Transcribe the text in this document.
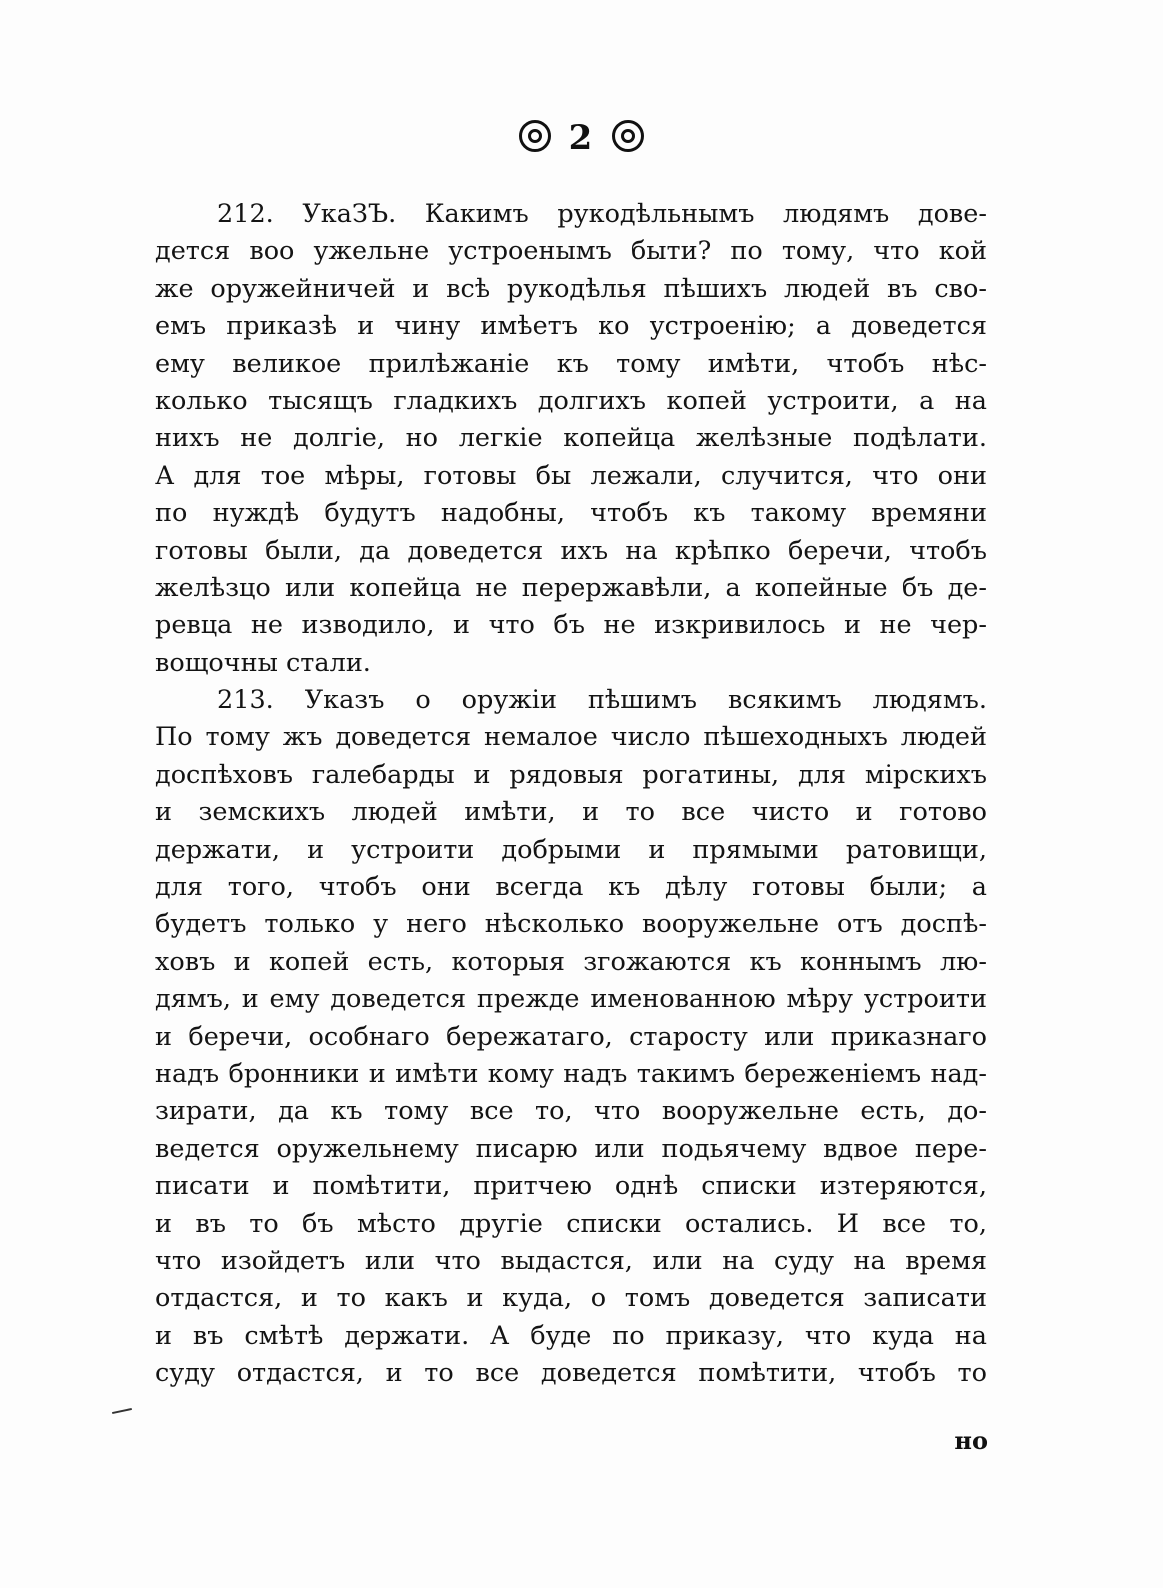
2
212. УкаЗЪ. Какимъ рукодѣльнымъ людямъ дове-
дется воо ужельне устроенымъ быти? по тому, что кой
же оружейничей и всѣ рукодѣлья пѣшихъ людей въ сво-
емъ приказѣ и чину имѣетъ ко устроенію; а доведется
ему великое прилѣжаніе къ тому имѣти, чтобъ нѣс-
колько тысящъ гладкихъ долгихъ копей устроити, а на
нихъ не долгіе, но легкіе копейца желѣзные подѣлати.
А для тое мѣры, готовы бы лежали, случится, что они
по нуждѣ будутъ надобны, чтобъ къ такому времяни
готовы были, да доведется ихъ на крѣпко беречи, чтобъ
желѣзцо или копейца не перержавѣли, а копейные бъ де-
ревца не изводило, и что бъ не изкривилось и не чер-
вощочны стали.
213. Указъ о оружіи пѣшимъ всякимъ людямъ.
По тому жъ доведется немалое число пѣшеходныхъ людей
доспѣховъ галебарды и рядовыя рогатины, для мірскихъ
и земскихъ людей имѣти, и то все чисто и готово
держати, и устроити добрыми и прямыми ратовищи,
для того, чтобъ они всегда къ дѣлу готовы были; а
будетъ только у него нѣсколько вооружельне отъ доспѣ-
ховъ и копей есть, которыя згожаются къ коннымъ лю-
дямъ, и ему доведется прежде именованною мѣру устроити
и беречи, особнаго бережатаго, старосту или приказнаго
надъ бронники и имѣти кому надъ такимъ береженіемъ над-
зирати, да къ тому все то, что вооружельне есть, до-
ведется оружельнему писарю или подьячему вдвое пере-
писати и помѣтити, притчею однѣ списки изтеряются,
и въ то бъ мѣсто другіе списки остались. И все то,
что изойдетъ или что выдастся, или на суду на время
отдастся, и то какъ и куда, о томъ доведется записати
и въ смѣтѣ держати. А буде по приказу, что куда на
суду отдастся, и то все доведется помѣтити, чтобъ то
но
